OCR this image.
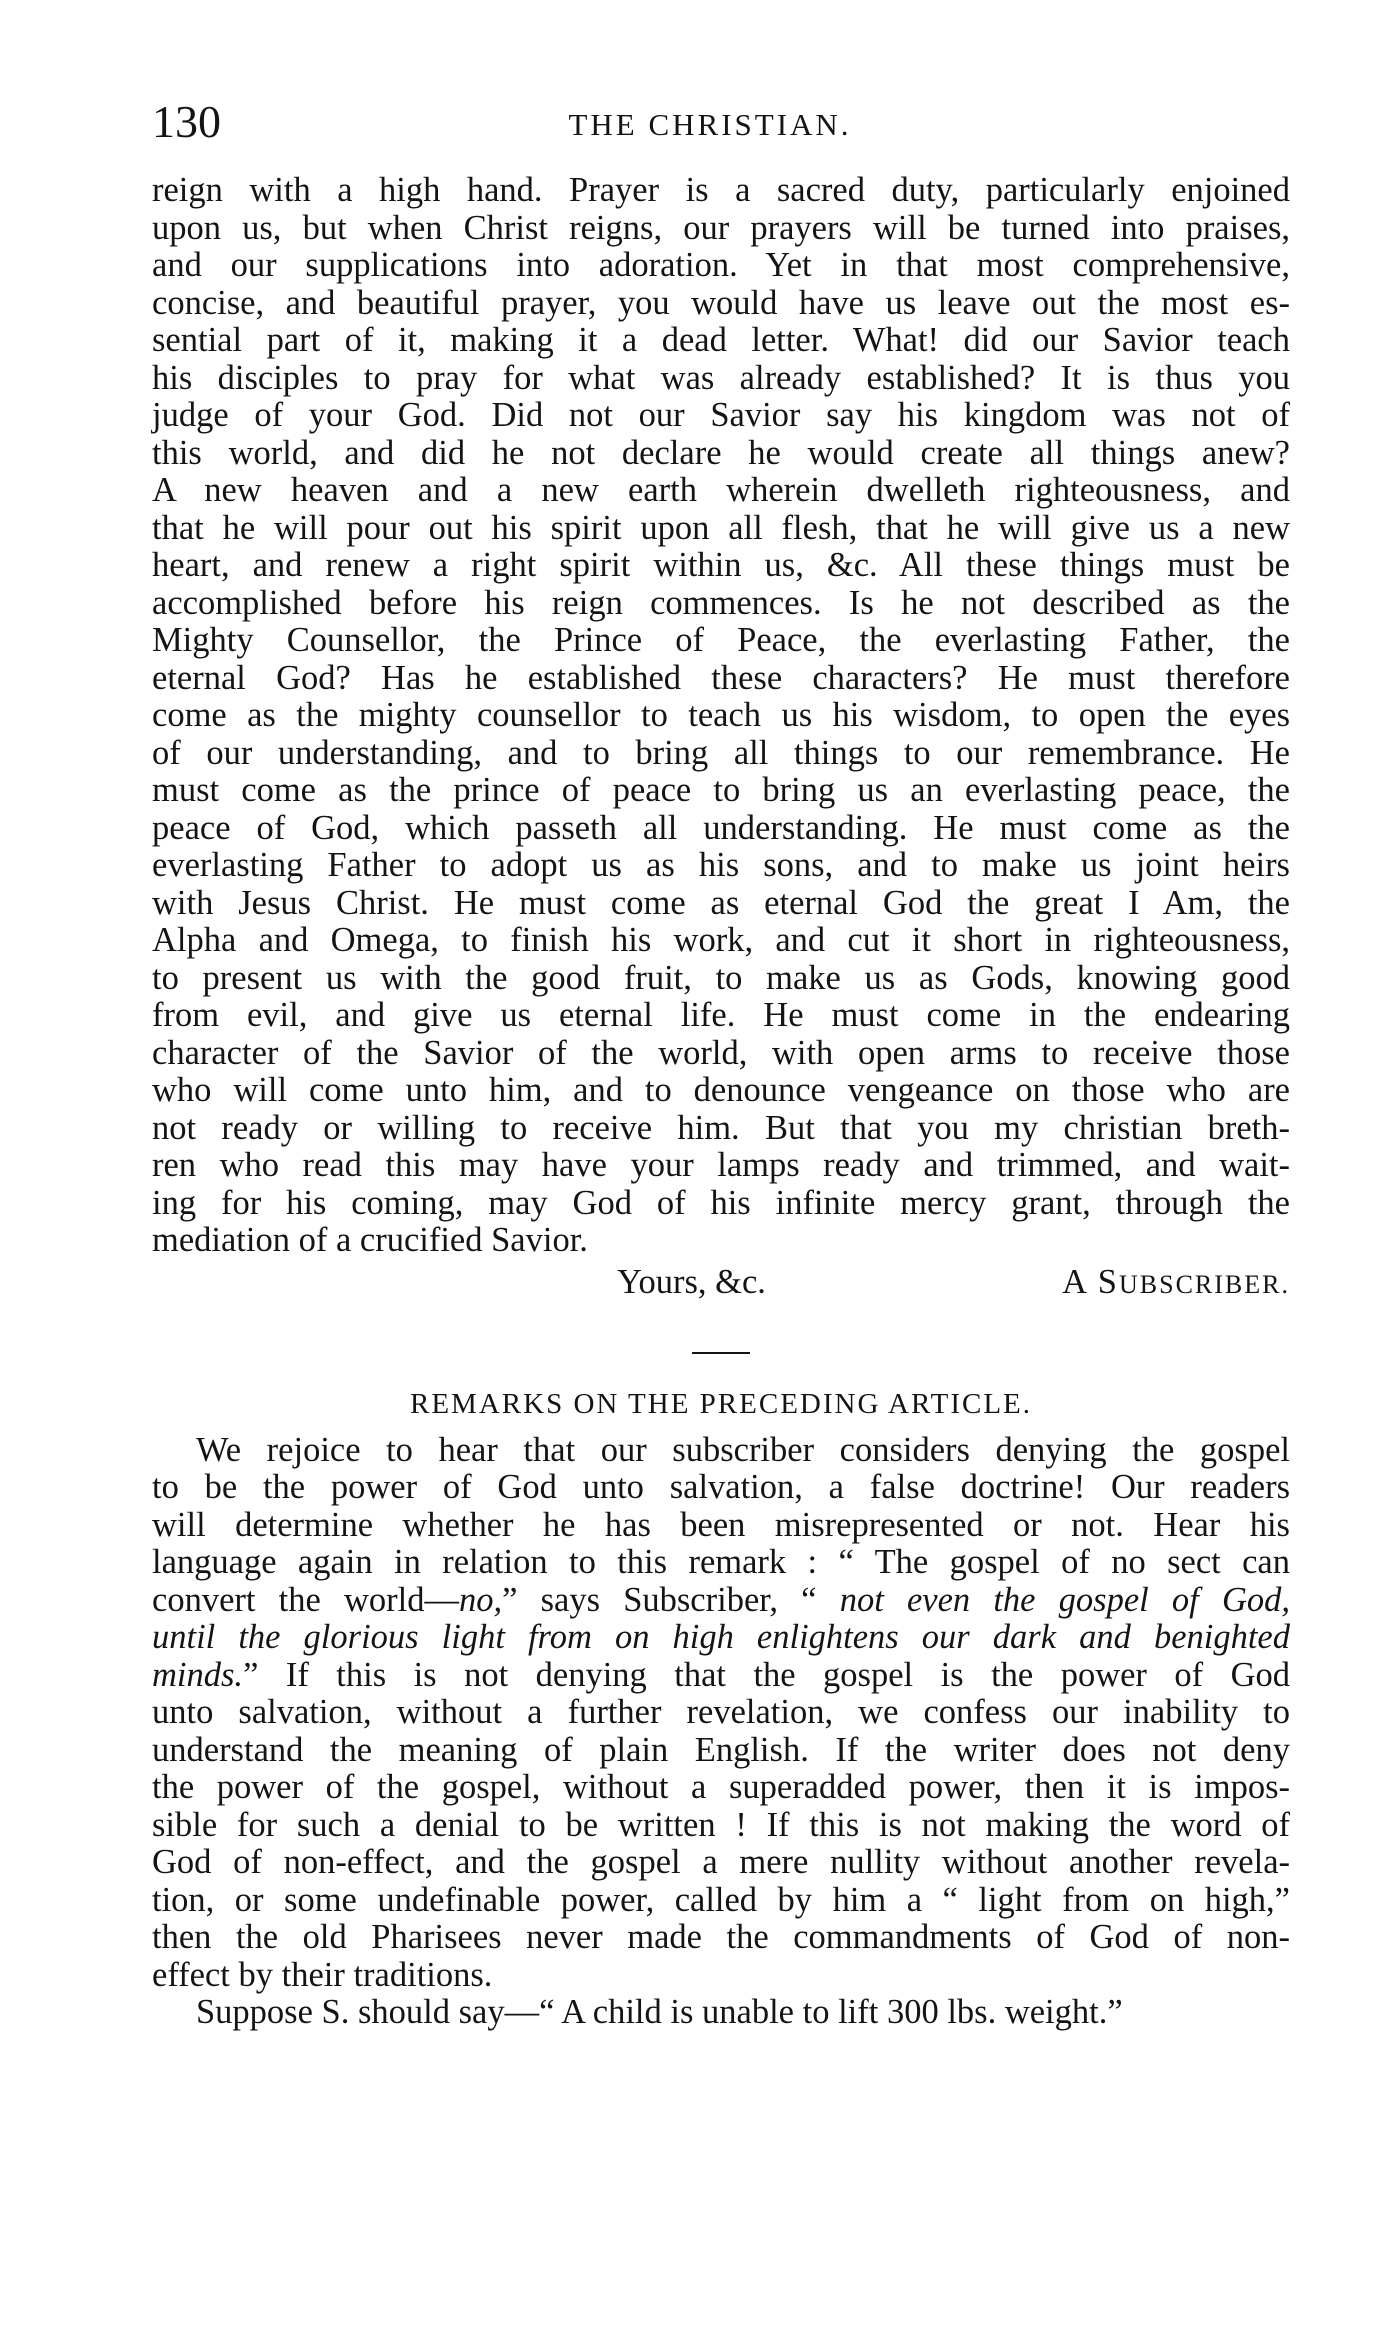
130	THE CHRISTIAN.
reign with a high hand. Prayer is a sacred duty, particularly enjoined
upon us, but when Christ reigns, our prayers will be turned into praises,
and our supplications into adoration. Yet in that most comprehensive,
concise, and beautiful prayer, you would have us leave out the most es-
sential part of it, making it a dead letter. What! did our Savior teach
his disciples to pray for what was already established? It is thus you
judge of your God. Did not our Savior say his kingdom was not of
this world, and did he not declare he would create all things anew?
A new heaven and a new earth wherein dwelleth righteousness, and
that he will pour out his spirit upon all flesh, that he will give us a new
heart, and renew a right spirit within us, &c. All these things must be
accomplished before his reign commences. Is he not described as the
Mighty Counsellor, the Prince of Peace, the everlasting Father, the
eternal God? Has he established these characters? He must therefore
come as the mighty counsellor to teach us his wisdom, to open the eyes
of our understanding, and to bring all things to our remembrance. He
must come as the prince of peace to bring us an everlasting peace, the
peace of God, which passeth all understanding. He must come as the
everlasting Father to adopt us as his sons, and to make us joint heirs
with Jesus Christ. He must come as eternal God the great I Am, the
Alpha and Omega, to finish his work, and cut it short in righteousness,
to present us with the good fruit, to make us as Gods, knowing good
from evil, and give us eternal life. He must come in the endearing
character of the Savior of the world, with open arms to receive those
who will come unto him, and to denounce vengeance on those who are
not ready or willing to receive him. But that you my christian breth-
ren who read this may have your lamps ready and trimmed, and wait-
ing for his coming, may God of his infinite mercy grant, through the
mediation of a crucified Savior.
Yours, &c.	A SUBSCRIBER.
REMARKS ON THE PRECEDING ARTICLE.
We rejoice to hear that our subscriber considers denying the gospel
to be the power of God unto salvation, a false doctrine! Our readers
will determine whether he has been misrepresented or not. Hear his
language again in relation to this remark : “ The gospel of no sect can
convert the world—no,” says Subscriber, “ not even the gospel of God,
until the glorious light from on high enlightens our dark and benighted
minds.” If this is not denying that the gospel is the power of God
unto salvation, without a further revelation, we confess our inability to
understand the meaning of plain English. If the writer does not deny
the power of the gospel, without a superadded power, then it is impos-
sible for such a denial to be written ! If this is not making the word of
God of non-effect, and the gospel a mere nullity without another revela-
tion, or some undefinable power, called by him a “ light from on high,”
then the old Pharisees never made the commandments of God of non-
effect by their traditions.
Suppose S. should say—“ A child is unable to lift 300 lbs. weight.”
